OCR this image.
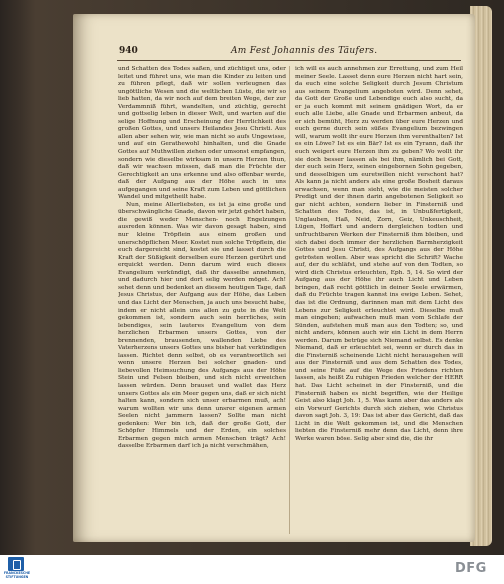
940	Am Fest Johannis des Täufers.

und Schatten des Todes saßen, und züchtiget uns, oder leitet und führet uns, wie man die Kinder zu leiten und zu führen pflegt, daß wir sollen verleugnen das ungöttliche Wesen und die weltlichen Lüste, die wir so lieb hatten, da wir noch auf dem breiten Wege, der zur Verdammniß führt, wandelten, und züchtig, gerecht und gottselig leben in dieser Welt, und warten auf die selige Hoffnung und Erscheinung der Herrlichkeit des großen Gottes, und unsers Heilandes Jesu Christi. Aus allen aber sehen wir, wie man nicht so aufs Ungewisse, und auf ein Gerathewohl hinhalten, und die Gnade Gottes auf Muthwillen ziehen oder umsonst empfangen, sondern wie dieselbe wirksam in unsern Herzen thun, daß wir wachsen müssen, daß man die Früchte der Gerechtigkeit an uns erkenne und also offenbar werde, daß der Aufgang aus der Höhe auch in uns aufgegangen und seine Kraft zum Leben und göttlichen Wandel und mitgetheilt habe.

Nun, meine Allerliebsten, es ist ja eine große und überschwängliche Gnade, davon wir jetzt gehört haben, die gewiß weder Menschen- noch Engelzungen ausreden können. Was wir davon gesagt haben, sind nur kleine Tröpflein aus einem großen und unerschöpflichen Meer. Kostet nun solche Tröpflein, die euch dargereicht sind, kostet sie und lasset durch die Kraft der Süßigkeit derselben eure Herzen gerührt und erquickt werden. Denn darum wird euch dieses Evangelium verkündigt, daß ihr dasselbe annehmen, und dadurch hier und dort selig werden möget. Ach! sehet denn und bedenket an diesem heutigen Tage, daß Jesus Christus, der Aufgang aus der Höhe, das Leben und das Licht der Menschen, ja auch uns besucht habe, indem er nicht allein uns allen zu gute in die Welt gekommen ist, sondern auch sein herrliches, sein lebendiges, sein lauteres Evangelium von dem herzlichen Erbarmen unsers Gottes, von der brennenden, brausenden, wallenden Liebe des Vaterherzens unsers Gottes uns bisher hat verkündigen lassen. Richtet denn selbst, ob es verantwortlich sei wenn unsere Herzen bei solcher gnaden- und liebevollen Heimsuchung des Aufgangs aus der Höhe Stein und Felsen bleiben, und sich nicht erweichen lassen würden. Denn brauset und wallet das Herz unsers Gottes als ein Meer gegen uns, daß er sich nicht halten kann, sondern sich unser erbarmen muß, ach! warum wollten wir uns denn unsrer eigenen armen Seelen nicht jammern lassen? Sollte man nicht gedenken: Wer bin ich, daß der große Gott, der Schöpfer Himmels und der Erden, ein solches Erbarmen gegen mich armen Menschen trägt? Ach! dasselbe Erbarmen darf ich ja nicht verschmähen,

ich will es auch annehmen zur Errettung, und zum Heil meiner Seele. Lasset denn eure Herzen nicht hart sein, da euch eine solche Seligkeit durch Jesum Christum aus seinem Evangelium angeboten wird. Denn sehet, da Gott der Große und Lebendige euch also sucht, da er ja euch kommt mit seinem gnädigen Wort, da er euch alle Liebe, alle Gnade und Erbarmen anbeut, da er sich bemüht, Herz zu werden über eure Herzen und euch gerne durch sein süßes Evangelium bezwingen will, warum wollt ihr eure Herzen ihm verenthalten? Ist es ein Löwe? Ist es ein Bär? Ist es ein Tyrann, daß ihr euch weigert eure Herzen ihm zu geben? Wo wollt ihr sie doch besser lassen als bei ihm, nämlich bei Gott, der euch sein Herz, seinen eingebornen Sohn gegeben, und desselbigen um euretwillen nicht verschont hat? Als kann ja nicht anders als eine große Bosheit daraus erwachsen, wenn man sieht, wie die meisten solcher Predigt und der ihnen darin angebotenen Seligkeit so gar nicht achten, sondern lieber in Finsterniß und Schatten des Todes, das ist, in Unbußfertigkeit, Unglauben, Haß, Neid, Zorn, Geiz, Unkeuschheit, Lügen, Hoffart und andern dergleichen todten und unfruchtbaren Werken der Finsterniß ihm bleiben, und sich dabei doch immer der herzlichen Barmherzigkeit Gottes und Jesu Christi, des Aufgangs aus der Höhe getrösten wollen. Aber was spricht die Schrift? Wache auf, der du schläfst, und stehe auf von den Todten, so wird dich Christus erleuchten, Eph. 5, 14. So wird der Aufgang aus der Höhe ihr auch Licht und Leben bringen, daß recht göttlich in deiner Seele erwärmen, daß du Früchte tragen kannst ins ewige Leben. Sehet, das ist die Ordnung, darinnen man mit dem Licht des Lebens zur Seligkeit erleuchtet wird. Dieselbe muß man eingehen; aufwachen muß man vom Schlafe der Sünden, aufstehen muß man aus den Todten; so, und nicht anders, können auch wir ein Licht in dem Herrn werden. Darum betrüge sich Niemand selbst. Es denke Niemand, daß er erleuchtet sei, wenn er durch das in die Finsterniß scheinende Licht nicht herausgehen will aus der Finsterniß und aus dem Schatten des Todes, und seine Füße auf die Wege des Friedens richten lassen, als heißt Zu ruhigen Frieden welcher der HERR hat. Das Licht scheinet in der Finsterniß, und die Finsterniß haben es nicht begriffen, wie der Heilige Geist also klagt Joh. 1, 5. Was kann aber das anders als ein Vorwurf Gerichts durch sich ziehen, wie Christus davon sagt Joh. 3, 19: Das ist aber das Gericht, daß das Licht in die Welt gekommen ist, und die Menschen liebten die Finsterniß mehr denn das Licht, denn ihre Werke waren böse. Selig aber sind die, die ihr

FRANCKESCHE STIFTUNGEN
DFG
